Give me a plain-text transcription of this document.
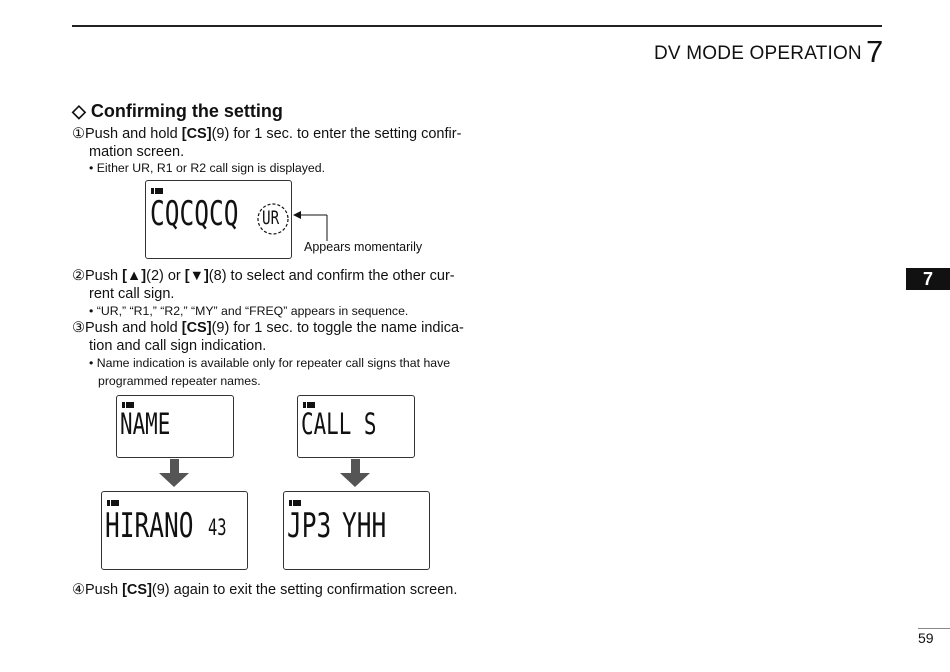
DV MODE OPERATION 7
◇ Confirming the setting
①Push and hold [CS](9) for 1 sec. to enter the setting confir-
mation screen.
• Either UR, R1 or R2 call sign is displayed.
CQCQCQ UR
Appears momentarily
②Push [▲](2) or [▼](8) to select and confirm the other cur-
rent call sign.
• “UR,” “R1,” “R2,” “MY” and “FREQ” appears in sequence.
③Push and hold [CS](9) for 1 sec. to toggle the name indica-
tion and call sign indication.
• Name indication is available only for repeater call signs that have
programmed repeater names.
NAME	CALL S
HIRANO 43 JP3 YHH
④Push [CS](9) again to exit the setting confirmation screen.
7
59
